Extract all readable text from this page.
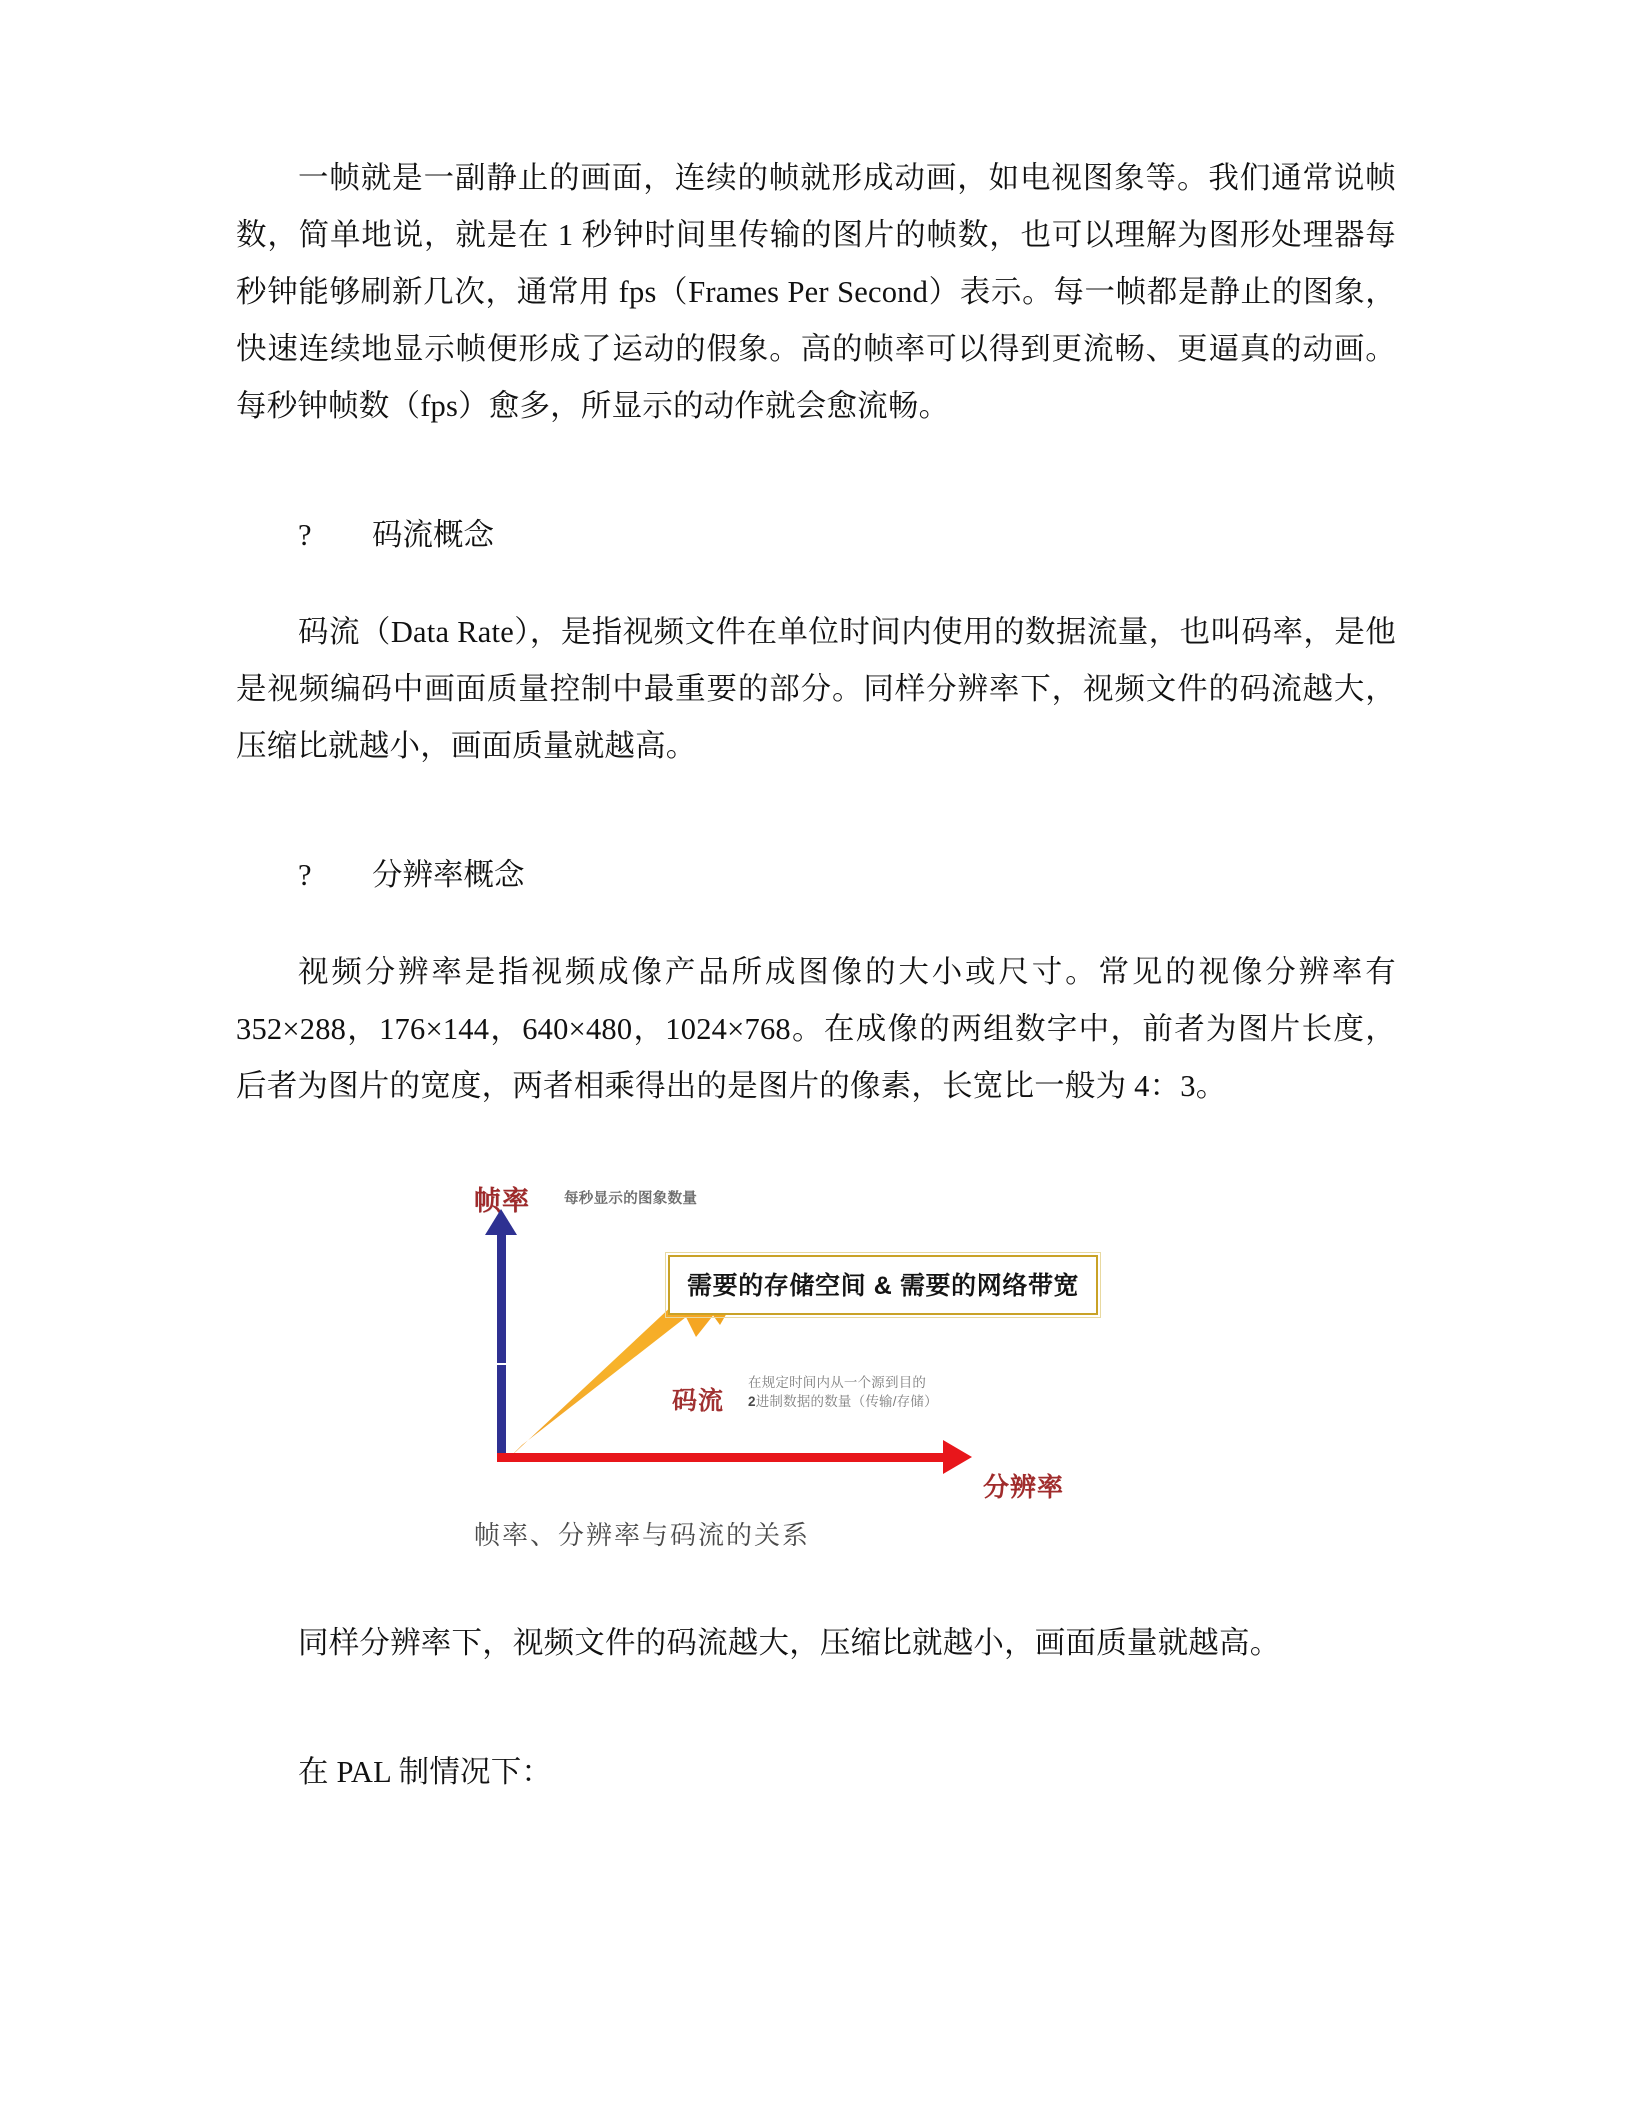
一帧就是一副静止的画面，连续的帧就形成动画，如电视图象等。我们通常说帧数，简单地说，就是在 1 秒钟时间里传输的图片的帧数，也可以理解为图形处理器每秒钟能够刷新几次，通常用 fps（Frames Per Second）表示。每一帧都是静止的图象，快速连续地显示帧便形成了运动的假象。高的帧率可以得到更流畅、更逼真的动画。每秒钟帧数（fps）愈多，所显示的动作就会愈流畅。

?	码流概念

码流（Data Rate），是指视频文件在单位时间内使用的数据流量，也叫码率，是他是视频编码中画面质量控制中最重要的部分。同样分辨率下，视频文件的码流越大，压缩比就越小，画面质量就越高。

?	分辨率概念

视频分辨率是指视频成像产品所成图像的大小或尺寸。常见的视像分辨率有 352×288，176×144，640×480，1024×768。在成像的两组数字中，前者为图片长度，后者为图片的宽度，两者相乘得出的是图片的像素，长宽比一般为 4：3。

帧率 每秒显示的图象数量
码流
在规定时间内从一个源到目的
2进制数据的数量（传输/存储）
分辨率
需要的存储空间 & 需要的网络带宽
帧率、分辨率与码流的关系

同样分辨率下，视频文件的码流越大，压缩比就越小，画面质量就越高。

在 PAL 制情况下：
